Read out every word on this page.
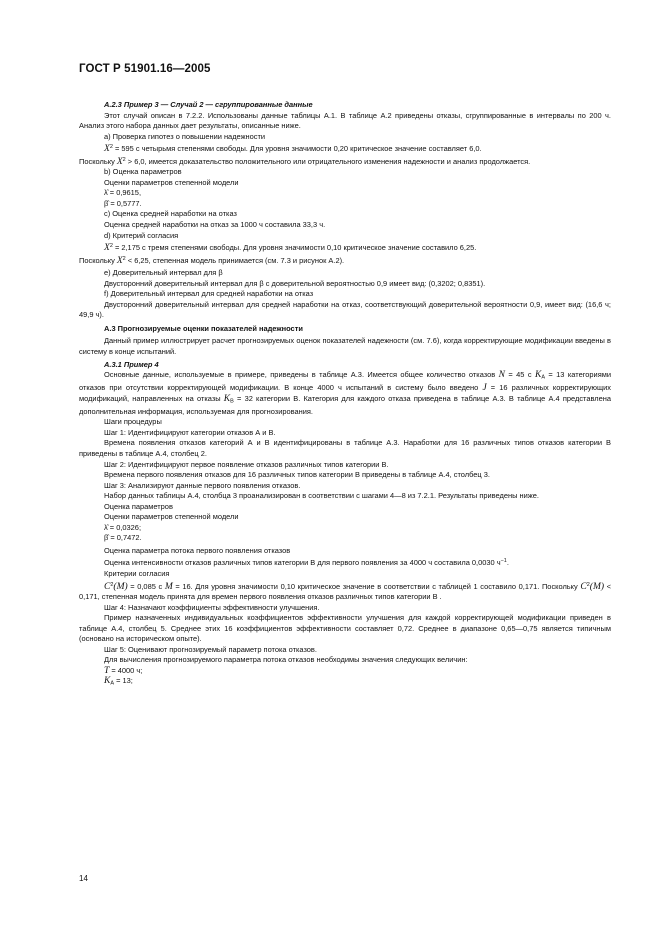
ГОСТ Р 51901.16—2005

А.2.3 Пример 3 — Случай 2 — сгруппированные данные

Этот случай описан в 7.2.2. Использованы данные таблицы А.1. В таблице А.2 приведены отказы, сгруппированные в интервалы по 200 ч. Анализ этого набора данных дает результаты, описанные ниже.

a) Проверка гипотез о повышении надежности

$X^2 = 595$ с четырьмя степенями свободы. Для уровня значимости 0,20 критическое значение составляет 6,0.

Поскольку $X^2 > 6,0$, имеется доказательство положительного или отрицательного изменения надежности и анализ продолжается.

b) Оценка параметров

Оценки параметров степенной модели

λ̂ = 0,9615,

β̂ = 0,5777.

c) Оценка средней наработки на отказ

Оценка средней наработки на отказ за 1000 ч составила 33,3 ч.

d) Критерий согласия

$X^2 = 2,175$ с тремя степенями свободы. Для уровня значимости 0,10 критическое значение составило 6,25.

Поскольку $X^2 < 6,25$, степенная модель принимается (см. 7.3 и рисунок А.2).

e) Доверительный интервал для β

Двусторонний доверительный интервал для β с доверительной вероятностью 0,9 имеет вид: (0,3202; 0,8351).

f) Доверительный интервал для средней наработки на отказ

Двусторонний доверительный интервал для средней наработки на отказ, соответствующий доверительной вероятности 0,9, имеет вид: (16,6 ч; 49,9 ч).

А.3 Прогнозируемые оценки показателей надежности

Данный пример иллюстрирует расчет прогнозируемых оценок показателей надежности (см. 7.6), когда корректирующие модификации введены в систему в конце испытаний.

А.3.1 Пример 4

Основные данные, используемые в примере, приведены в таблице А.3. Имеется общее количество отказов N = 45 с $K_A = 13$ категориями отказов при отсутствии корректирующей модификации. В конце 4000 ч испытаний в систему было введено J = 16 различных корректирующих модификаций, направленных на отказы $K_B = 32$ категории В. Категория для каждого отказа приведена в таблице А.3. В таблице А.4 представлена дополнительная информация, используемая для прогнозирования.

Шаги процедуры

Шаг 1: Идентифицируют категории отказов А и В.

Времена появления отказов категорий А и В идентифицированы в таблице А.3. Наработки для 16 различных типов отказов категории В приведены в таблице А.4, столбец 2.

Шаг 2: Идентифицируют первое появление отказов различных типов категории В.

Времена первого появления отказов для 16 различных типов категории В приведены в таблице А.4, столбец 3.

Шаг 3: Анализируют данные первого появления отказов.

Набор данных таблицы А.4, столбца 3 проанализирован в соответствии с шагами 4—8 из 7.2.1. Результаты приведены ниже.

Оценка параметров

Оценки параметров степенной модели

λ̂ = 0,0326;

β̂ = 0,7472.

Оценка параметра потока первого появления отказов

Оценка интенсивности отказов различных типов категории В для первого появления за 4000 ч составила 0,0030 $ч^{-1}$.

Критерии согласия

$C^2(M) = 0,085$ с M = 16. Для уровня значимости 0,10 критическое значение в соответствии с таблицей 1 составило 0,171. Поскольку $C^2(M) < 0,171$, степенная модель принята для времен первого появления отказов различных типов категории В .

Шаг 4: Назначают коэффициенты эффективности улучшения.

Пример назначенных индивидуальных коэффициентов эффективности улучшения для каждой корректирующей модификации приведен в таблице А.4, столбец 5. Среднее этих 16 коэффициентов эффективности составляет 0,72. Среднее в диапазоне 0,65—0,75 является типичным (основано на историческом опыте).

Шаг 5: Оценивают прогнозируемый параметр потока отказов.

Для вычисления прогнозируемого параметра потока отказов необходимы значения следующих величин:

T = 4000 ч;

$K_A = 13$;

14
